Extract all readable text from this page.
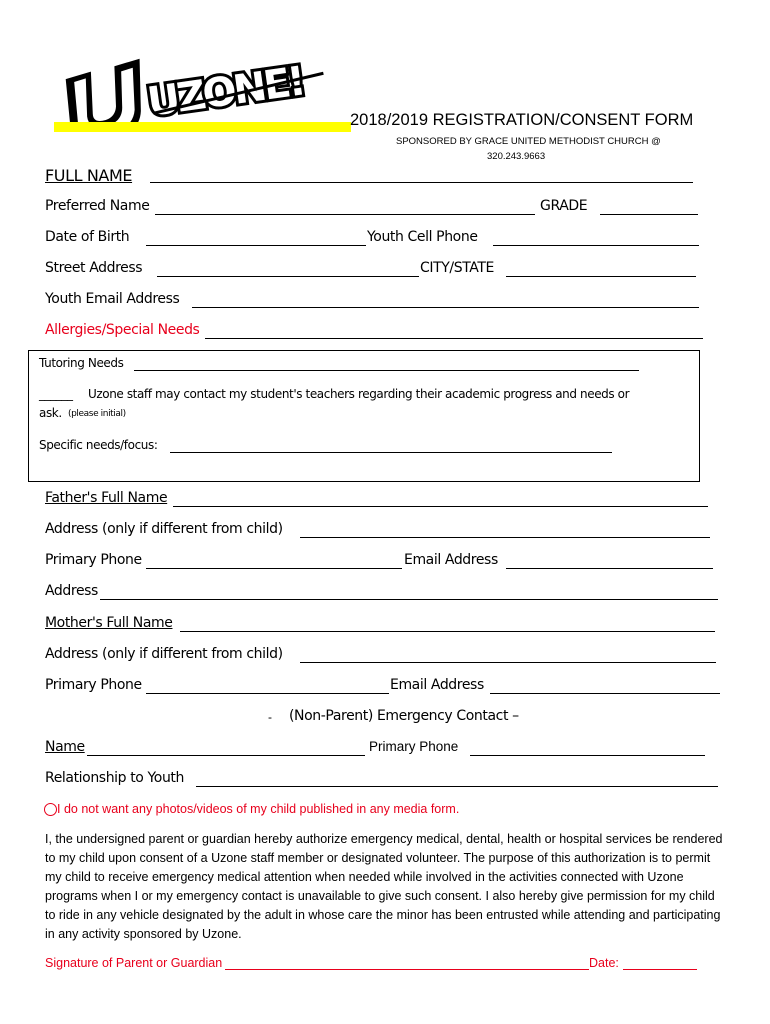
UZONE!	2018/2019 REGISTRATION/CONSENT FORM
SPONSORED BY GRACE UNITED METHODIST CHURCH @
320.243.9663
FULL NAME
Preferred Name	GRADE
Date of Birth	Youth Cell Phone
Street Address	CITY/STATE
Youth Email Address
Allergies/Special Needs
Tutoring Needs
______ Uzone staff may contact my student's teachers regarding their academic progress and needs or
ask. (please initial)
Specific needs/focus:
Father's Full Name
Address (only if different from child)
Primary Phone	Email Address
Address
Mother's Full Name
Address (only if different from child)
Primary Phone	Email Address
- (Non-Parent) Emergency Contact –
Name	Primary Phone
Relationship to Youth
I do not want any photos/videos of my child published in any media form.
I, the undersigned parent or guardian hereby authorize emergency medical, dental, health or hospital services be rendered to my child upon consent of a Uzone staff member or designated volunteer. The purpose of this authorization is to permit my child to receive emergency medical attention when needed while involved in the activities connected with Uzone programs when I or my emergency contact is unavailable to give such consent. I also hereby give permission for my child to ride in any vehicle designated by the adult in whose care the minor has been entrusted while attending and participating in any activity sponsored by Uzone.
Signature of Parent or Guardian	Date:
